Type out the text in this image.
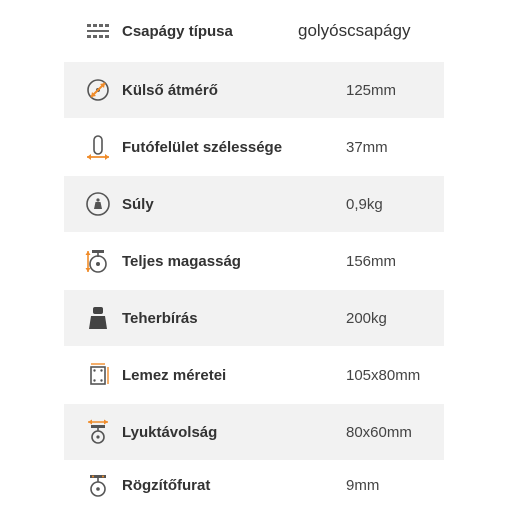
Csapágy típusa	golyóscsapágy
Külső átmérő	125mm
Futófelület szélessége	37mm
Súly	0,9kg
Teljes magasság	156mm
Teherbírás	200kg
Lemez méretei	105x80mm
Lyuktávolság	80x60mm
Rögzítőfurat	9mm
